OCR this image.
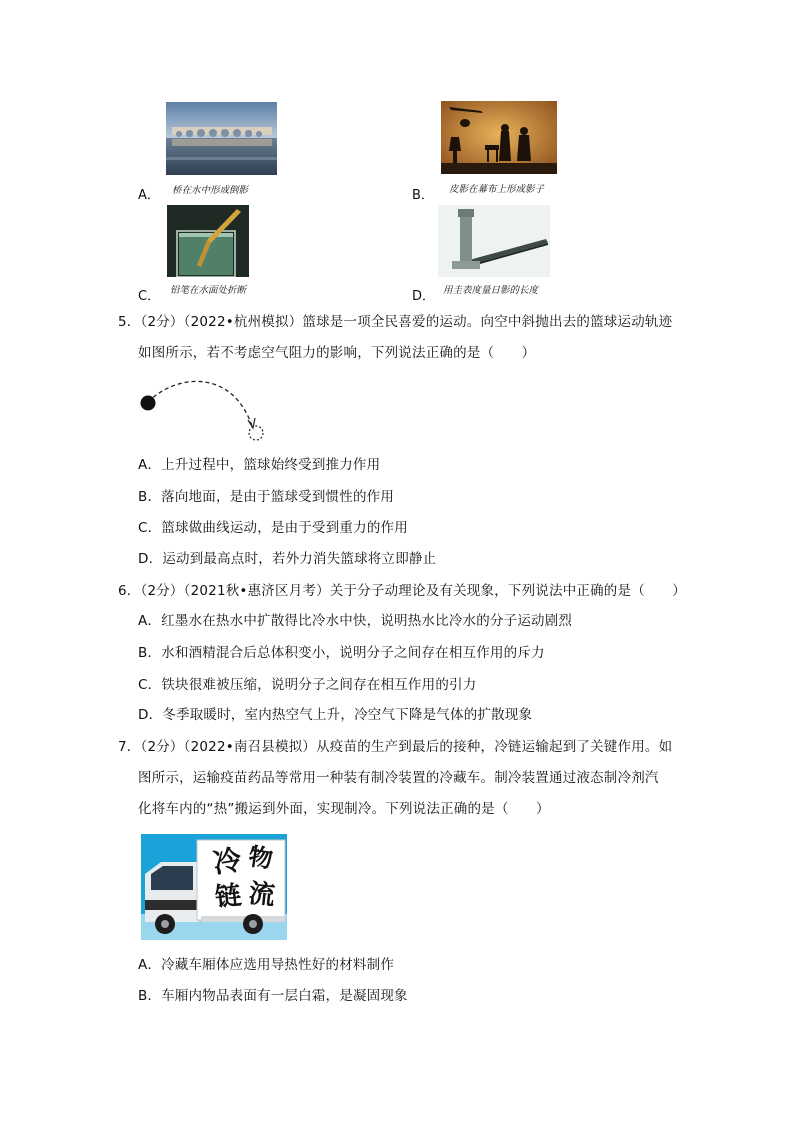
A． 桥在水中形成倒影	B． 皮影在幕布上形成影子
C． 铅笔在水面处折断	D． 用圭表度量日影的长度
5．（2分）（2022•杭州模拟）篮球是一项全民喜爱的运动。向空中斜抛出去的篮球运动轨迹
如图所示，若不考虑空气阻力的影响，下列说法正确的是（　　）
A．上升过程中，篮球始终受到推力作用
B．落向地面，是由于篮球受到惯性的作用
C．篮球做曲线运动，是由于受到重力的作用
D．运动到最高点时，若外力消失篮球将立即静止
6．（2分）（2021秋•惠济区月考）关于分子动理论及有关现象，下列说法中正确的是（　　）
A．红墨水在热水中扩散得比冷水中快，说明热水比冷水的分子运动剧烈
B．水和酒精混合后总体积变小，说明分子之间存在相互作用的斥力
C．铁块很难被压缩，说明分子之间存在相互作用的引力
D．冬季取暖时，室内热空气上升，冷空气下降是气体的扩散现象
7．（2分）（2022•南召县模拟）从疫苗的生产到最后的接种，冷链运输起到了关键作用。如
图所示，运输疫苗药品等常用一种装有制冷装置的冷藏车。制冷装置通过液态制冷剂汽
化将车内的“热”搬运到外面，实现制冷。下列说法正确的是（　　）
冷 物
链 流
A．冷藏车厢体应选用导热性好的材料制作
B．车厢内物品表面有一层白霜，是凝固现象
